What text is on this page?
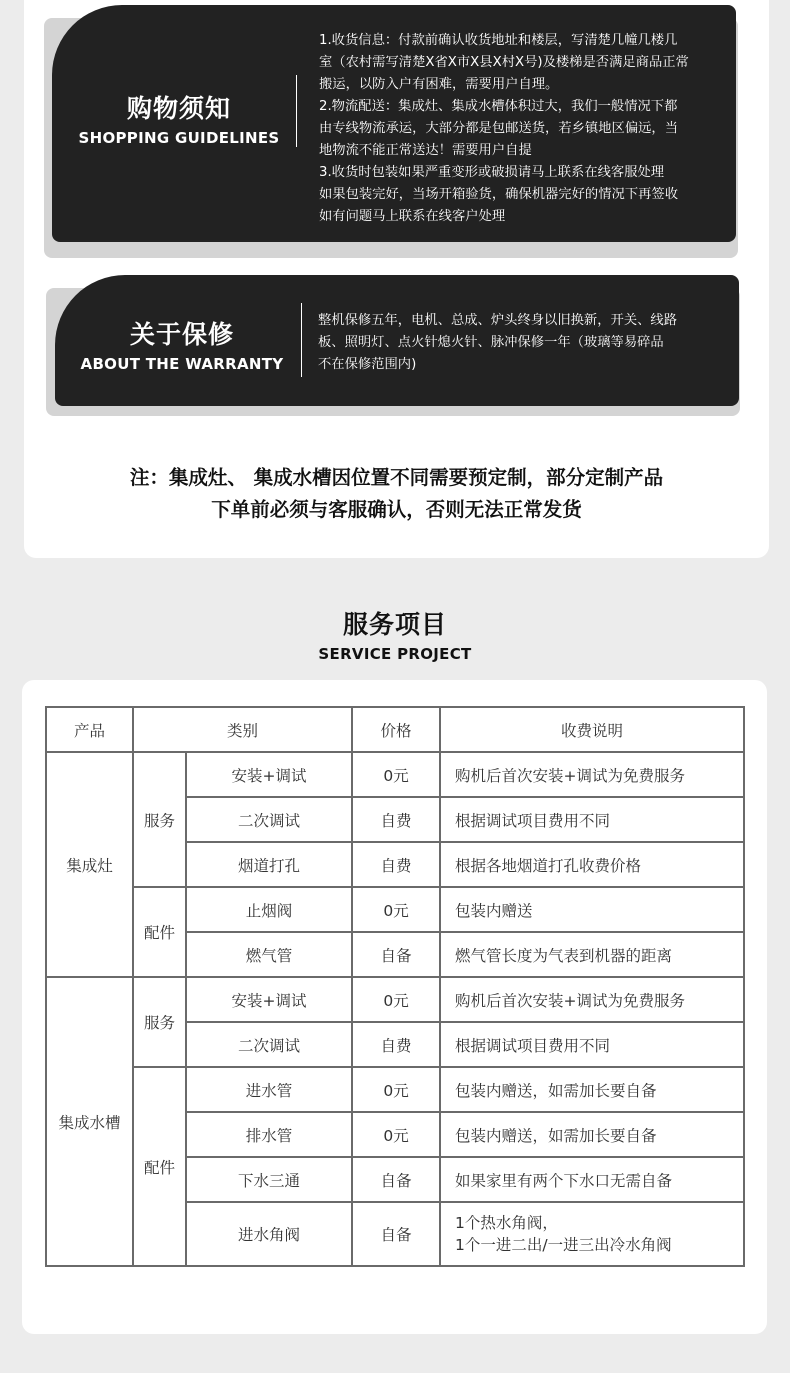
购物须知
SHOPPING GUIDELINES

1.收货信息：付款前确认收货地址和楼层，写清楚几幢几楼几

室（农村需写清楚X省X市X县X村X号)及楼梯是否满足商品正常

搬运，以防入户有困难，需要用户自理。

2.物流配送：集成灶、集成水槽体积过大，我们一般情况下都

由专线物流承运，大部分都是包邮送货，若乡镇地区偏远，当

地物流不能正常送达！需要用户自提

3.收货时包装如果严重变形或破损请马上联系在线客服处理

如果包装完好，当场开箱验货，确保机器完好的情况下再签收

如有问题马上联系在线客户处理

关于保修
ABOUT THE WARRANTY

整机保修五年，电机、总成、炉头终身以旧换新，开关、线路

板、照明灯、点火针熄火针、脉冲保修一年（玻璃等易碎品

不在保修范围内)

注：集成灶、 集成水槽因位置不同需要预定制，部分定制产品

下单前必须与客服确认，否则无法正常发货

服务项目
SERVICE PROJECT
产品	类别		价格	收费说明
集成灶	服务	安装+调试	0元	购机后首次安装+调试为免费服务
		二次调试	自费	根据调试项目费用不同
		烟道打孔	自费	根据各地烟道打孔收费价格
	配件	止烟阀	0元	包装内赠送
		燃气管	自备	燃气管长度为气表到机器的距离
集成水槽	服务	安装+调试	0元	购机后首次安装+调试为免费服务
		二次调试	自费	根据调试项目费用不同
	配件	进水管	0元	包装内赠送，如需加长要自备
		排水管	0元	包装内赠送，如需加长要自备
		下水三通	自备	如果家里有两个下水口无需自备
		进水角阀	自备	1个热水角阀，
1个一进二出/一进三出冷水角阀
